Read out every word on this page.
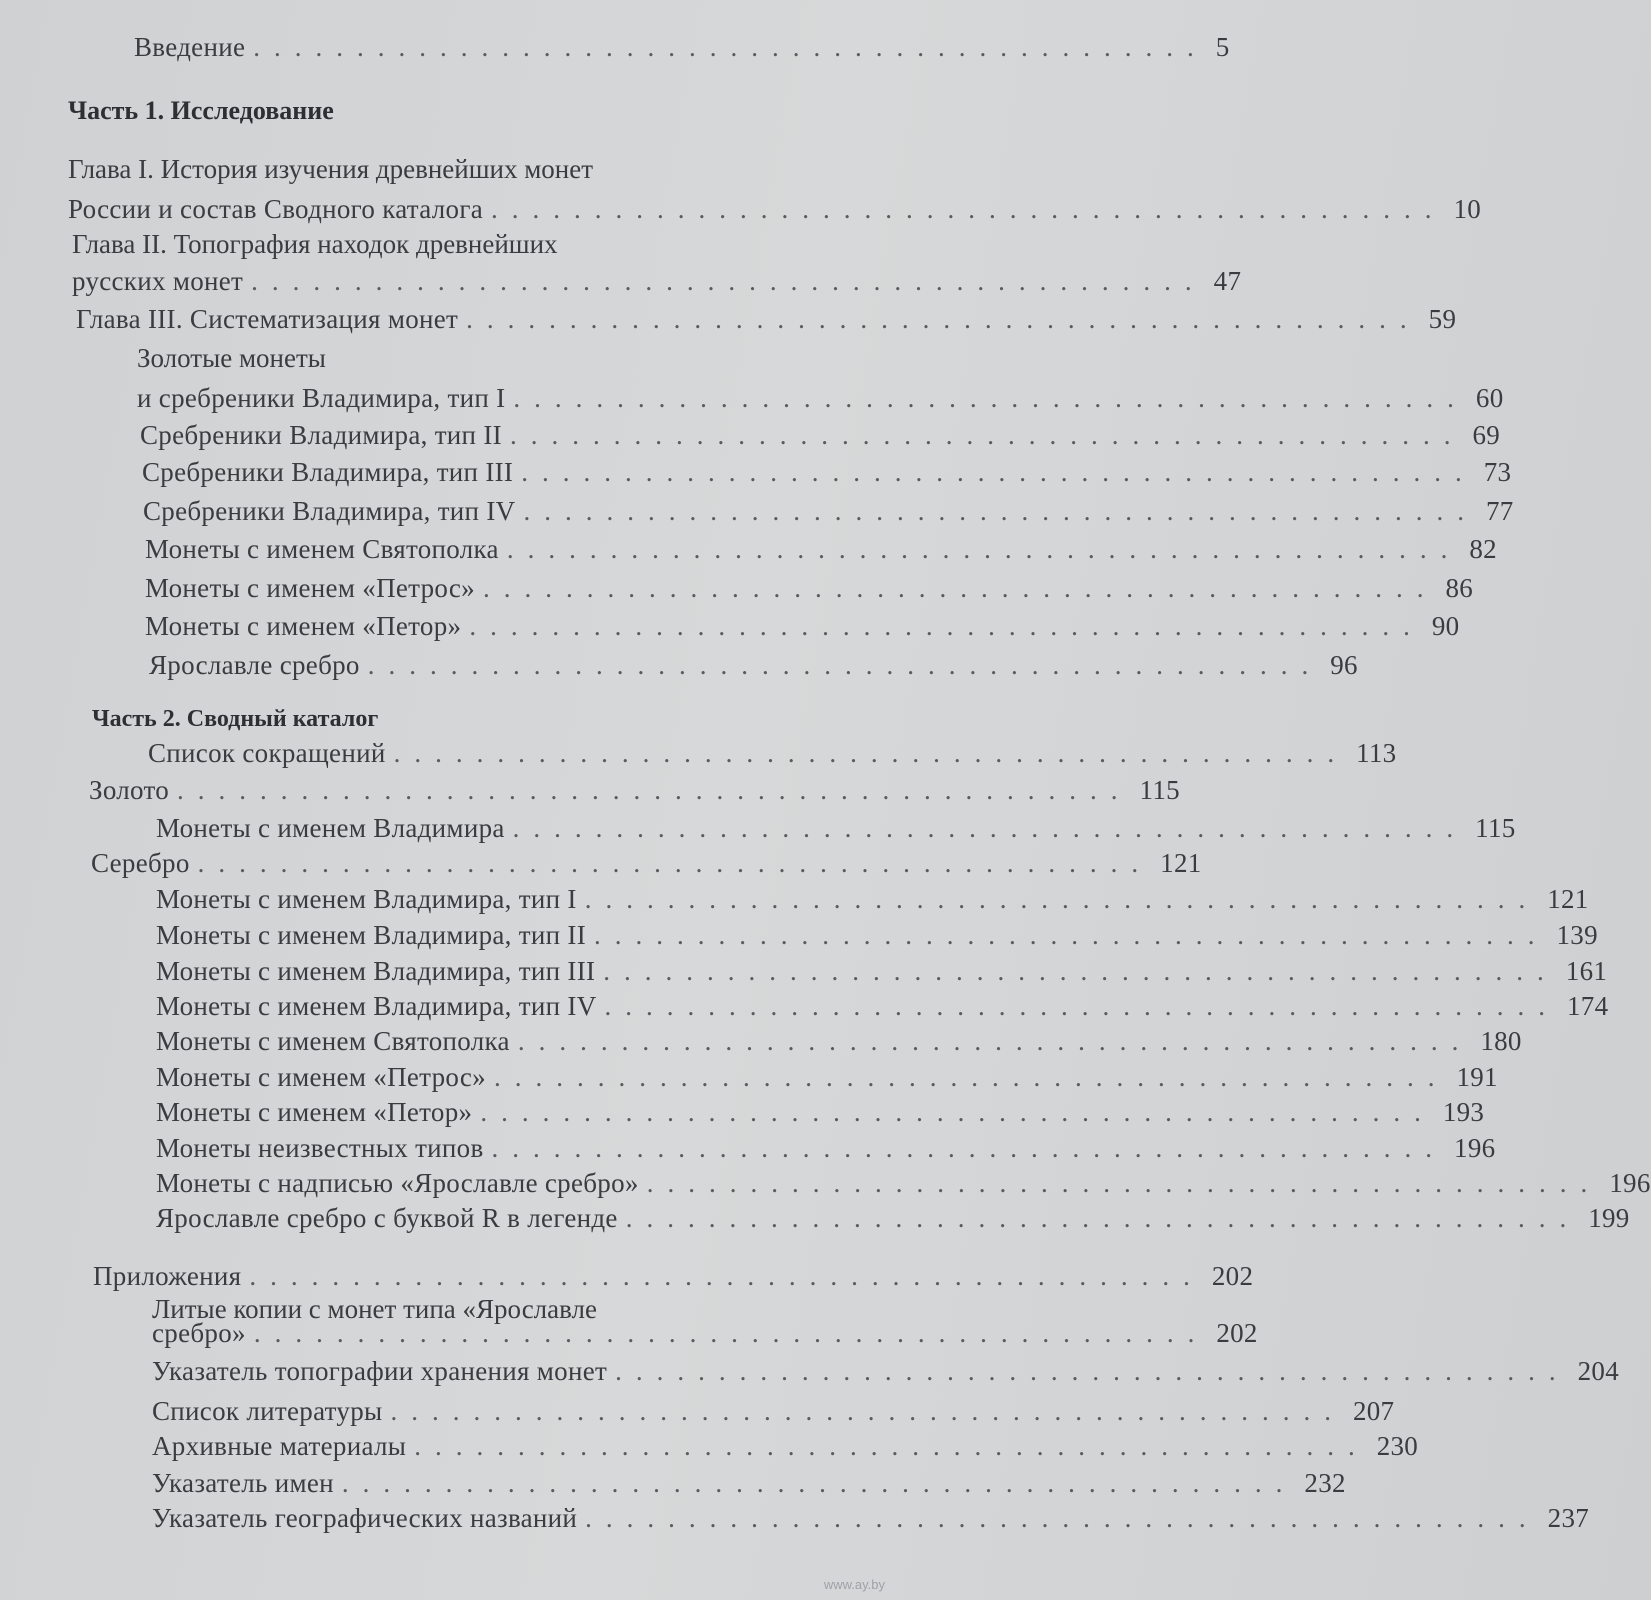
Введение .............................................. 5
Часть 1. Исследование
Глава I. История изучения древнейших монет
России и состав Сводного каталога .............................................. 10
Глава II. Топография находок древнейших
русских монет .............................................. 47
Глава III. Систематизация монет .............................................. 59
Золотые монеты
и сребреники Владимира, тип I .............................................. 60
Сребреники Владимира, тип II .............................................. 69
Сребреники Владимира, тип III .............................................. 73
Сребреники Владимира, тип IV .............................................. 77
Монеты с именем Святополка .............................................. 82
Монеты с именем «Петрос» .............................................. 86
Монеты с именем «Петор» .............................................. 90
Ярославле сребро .............................................. 96
Часть 2. Сводный каталог
Список сокращений .............................................. 113
Золото .............................................. 115
Монеты с именем Владимира .............................................. 115
Серебро .............................................. 121
Монеты с именем Владимира, тип I .............................................. 121
Монеты с именем Владимира, тип II .............................................. 139
Монеты с именем Владимира, тип III .............................................. 161
Монеты с именем Владимира, тип IV .............................................. 174
Монеты с именем Святополка .............................................. 180
Монеты с именем «Петрос» .............................................. 191
Монеты с именем «Петор» .............................................. 193
Монеты неизвестных типов .............................................. 196
Монеты с надписью «Ярославле сребро» .............................................. 196
Ярославле сребро с буквой R в легенде .............................................. 199
Приложения .............................................. 202
Литые копии с монет типа «Ярославле
сребро» .............................................. 202
Указатель топографии хранения монет .............................................. 204
Список литературы .............................................. 207
Архивные материалы .............................................. 230
Указатель имен .............................................. 232
Указатель географических названий .............................................. 237
www.ay.by
